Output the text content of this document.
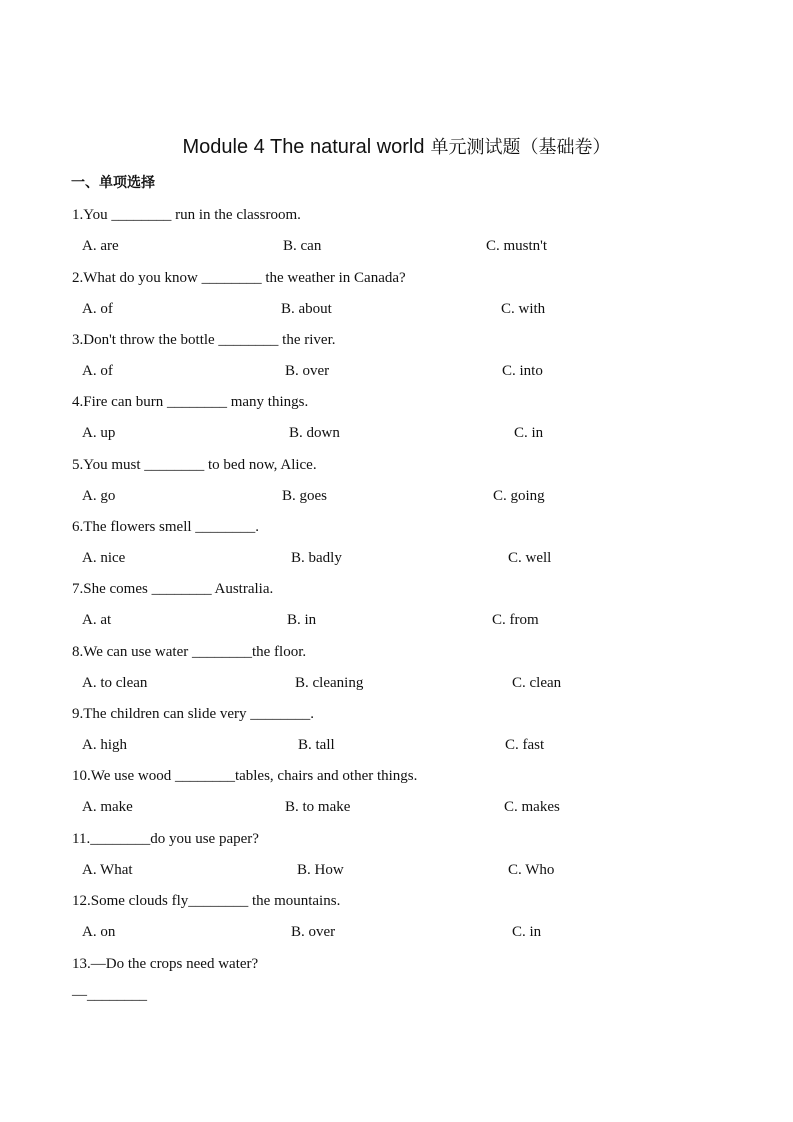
Module 4 The natural world 单元测试题（基础卷）
一、单项选择
1.You ________ run in the classroom.
A. are	B. can	C. mustn't
2.What do you know ________ the weather in Canada?
A. of	B. about	C. with
3.Don't throw the bottle ________ the river.
A. of	B. over	C. into
4.Fire can burn ________ many things.
A. up	B. down	C. in
5.You must ________ to bed now, Alice.
A. go	B. goes	C. going
6.The flowers smell ________.
A. nice	B. badly	C. well
7.She comes ________ Australia.
A. at	B. in	C. from
8.We can use water ________the floor.
A. to clean	B. cleaning	C. clean
9.The children can slide very ________.
A. high	B. tall	C. fast
10.We use wood ________tables, chairs and other things.
A. make	B. to make	C. makes
11.________do you use paper?
A. What	B. How	C. Who
12.Some clouds fly________ the mountains.
A. on	B. over	C. in
13.—Do the crops need water?
—________
